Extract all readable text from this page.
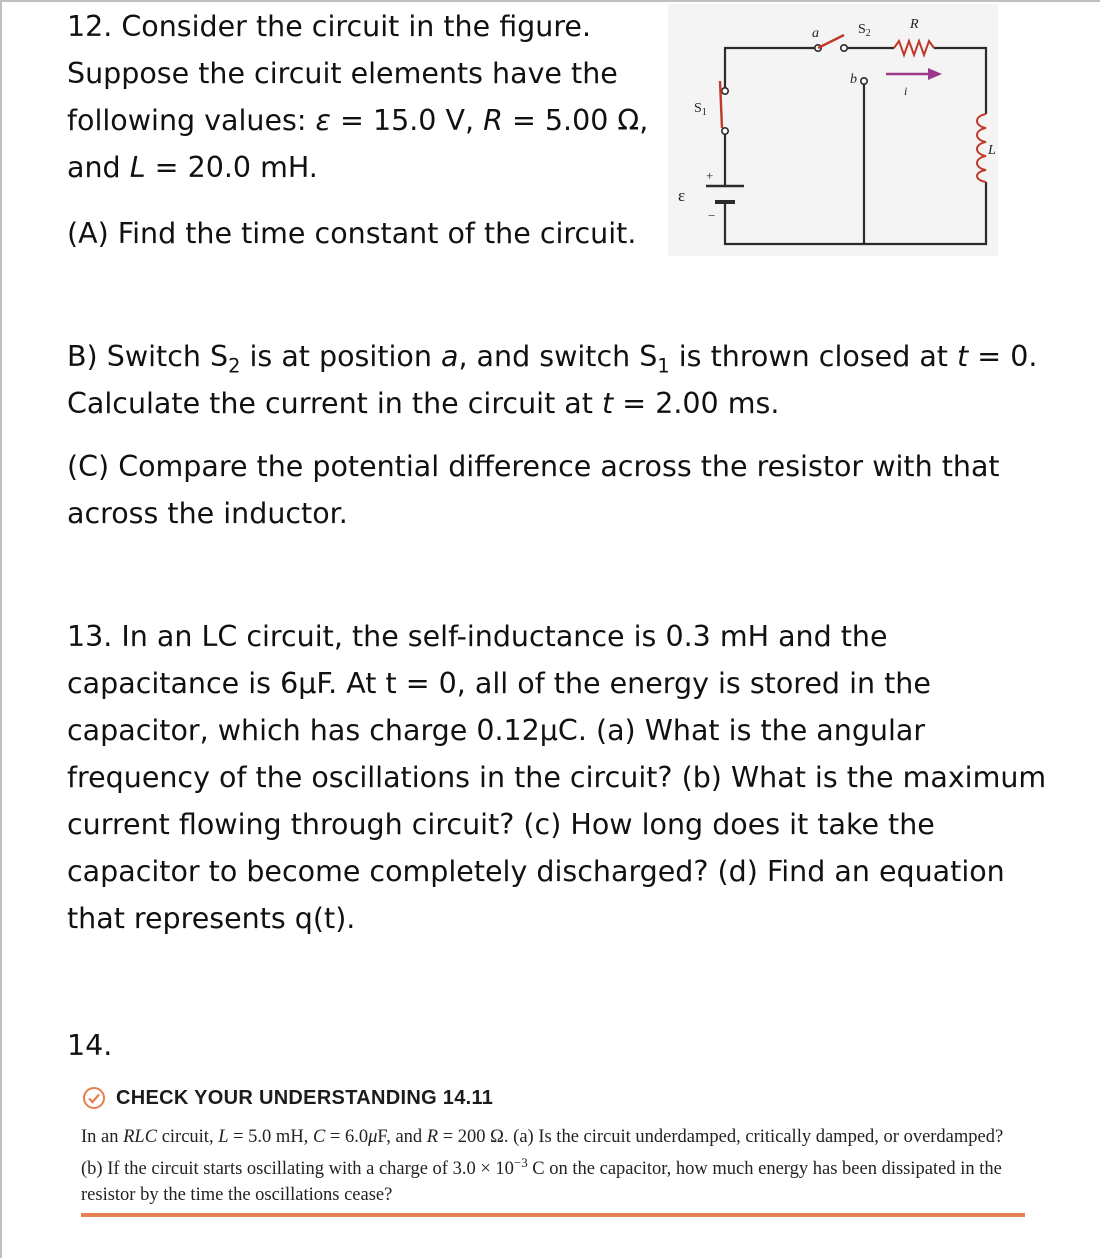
12. Consider the circuit in the figure. Suppose the circuit elements have the following values: ε = 15.0 V, R = 5.00 Ω, and L = 20.0 mH.

(A) Find the time constant of the circuit.

B) Switch $S_2$ is at position a, and switch $S_1$ is thrown closed at t = 0. Calculate the current in the circuit at t = 2.00 ms.

(C) Compare the potential difference across the resistor with that across the inductor.

a
b
$S_2$
R
i
$S_1$
L
ε
+
−

13. In an LC circuit, the self-inductance is 0.3 mH and the capacitance is 6μF. At t = 0, all of the energy is stored in the capacitor, which has charge 0.12μC. (a) What is the angular frequency of the oscillations in the circuit? (b) What is the maximum current flowing through circuit? (c) How long does it take the capacitor to become completely discharged? (d) Find an equation that represents q(t).

14.

CHECK YOUR UNDERSTANDING 14.11
In an RLC circuit, L = 5.0 mH, C = 6.0μF, and R = 200 Ω. (a) Is the circuit underdamped, critically damped, or overdamped? (b) If the circuit starts oscillating with a charge of $3.0 \times 10^{-3}$ C on the capacitor, how much energy has been dissipated in the resistor by the time the oscillations cease?
